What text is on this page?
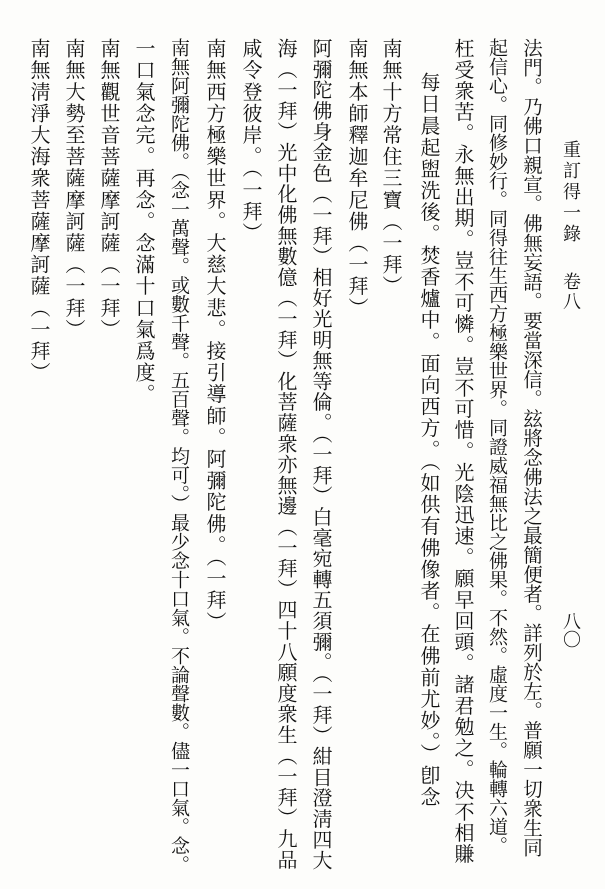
重訂得一錄
卷八
八〇
法門。乃佛口親宣。佛無妄語。要當深信。玆將念佛法之最簡便者。詳列於左。普願一切衆生同
起信心。同修妙行。同得往生西方極樂世界。同證威福無比之佛果。不然。虛度一生。輪轉六道。
枉受衆苦。永無出期。豈不可憐。豈不可惜。光陰迅速。願早回頭。諸君勉之。决不相賺
每日晨起盥洗後。焚香爐中。面向西方。（如供有佛像者。在佛前尤妙。）卽念
南無十方常住三寶（一拜）
南無本師釋迦牟尼佛（一拜）
阿彌陀佛身金色（一拜）相好光明無等倫。（一拜）白毫宛轉五須彌。（一拜）紺目澄淸四大
海（一拜）光中化佛無數億（一拜）化菩薩衆亦無邊（一拜）四十八願度衆生（一拜）九品
咸令登彼岸。（一拜）
南無西方極樂世界。大慈大悲。接引導師。阿彌陀佛。（一拜）
南無阿彌陀佛。（念一萬聲。或數千聲。五百聲。均可。）最少念十口氣。不論聲數。儘一口氣。念。
一口氣念完。再念。念滿十口氣爲度。
南無觀世音菩薩摩訶薩（一拜）
南無大勢至菩薩摩訶薩（一拜）
南無淸淨大海衆菩薩摩訶薩（一拜）
